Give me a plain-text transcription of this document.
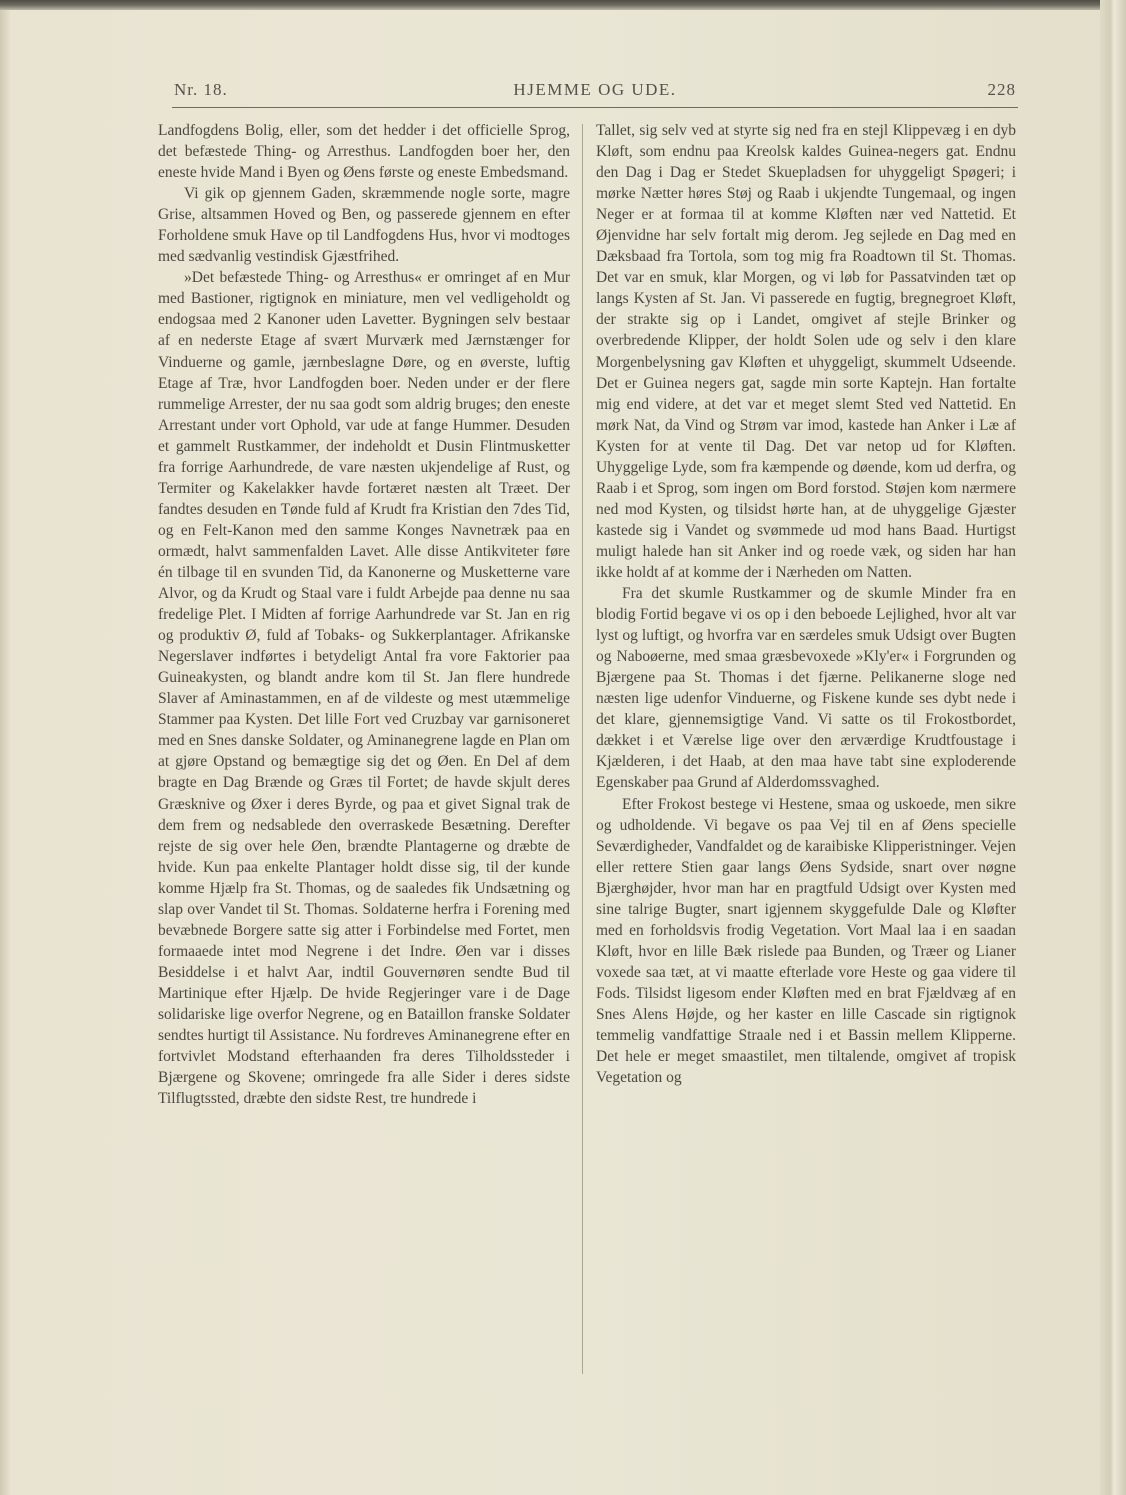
Nr. 18.	HJEMME OG UDE.	228

Landfogdens Bolig, eller, som det hedder i det officielle Sprog, det befæstede Thing- og Arresthus. Landfogden boer her, den eneste hvide Mand i Byen og Øens første og eneste Embedsmand.

Vi gik op gjennem Gaden, skræmmende nogle sorte, magre Grise, altsammen Hoved og Ben, og passerede gjennem en efter Forholdene smuk Have op til Landfogdens Hus, hvor vi modtoges med sædvanlig vestindisk Gjæstfrihed.

»Det befæstede Thing- og Arresthus« er omringet af en Mur med Bastioner, rigtignok en miniature, men vel vedligeholdt og endogsaa med 2 Kanoner uden Lavetter. Bygningen selv bestaar af en nederste Etage af svært Murværk med Jærnstænger for Vinduerne og gamle, jærnbeslagne Døre, og en øverste, luftig Etage af Træ, hvor Landfogden boer. Neden under er der flere rummelige Arrester, der nu saa godt som aldrig bruges; den eneste Arrestant under vort Ophold, var ude at fange Hummer. Desuden et gammelt Rustkammer, der indeholdt et Dusin Flintmusketter fra forrige Aarhundrede, de vare næsten ukjendelige af Rust, og Termiter og Kakelakker havde fortæret næsten alt Træet. Der fandtes desuden en Tønde fuld af Krudt fra Kristian den 7des Tid, og en Felt-Kanon med den samme Konges Navnetræk paa en ormædt, halvt sammenfalden Lavet. Alle disse Antikviteter føre én tilbage til en svunden Tid, da Kanonerne og Musketterne vare Alvor, og da Krudt og Staal vare i fuldt Arbejde paa denne nu saa fredelige Plet. I Midten af forrige Aarhundrede var St. Jan en rig og produktiv Ø, fuld af Tobaks- og Sukkerplantager. Afrikanske Negerslaver indførtes i betydeligt Antal fra vore Faktorier paa Guineakysten, og blandt andre kom til St. Jan flere hundrede Slaver af Aminastammen, en af de vildeste og mest utæmmelige Stammer paa Kysten. Det lille Fort ved Cruzbay var garnisoneret med en Snes danske Soldater, og Aminanegrene lagde en Plan om at gjøre Opstand og bemægtige sig det og Øen. En Del af dem bragte en Dag Brænde og Græs til Fortet; de havde skjult deres Græsknive og Øxer i deres Byrde, og paa et givet Signal trak de dem frem og nedsablede den overraskede Besætning. Derefter rejste de sig over hele Øen, brændte Plantagerne og dræbte de hvide. Kun paa enkelte Plantager holdt disse sig, til der kunde komme Hjælp fra St. Thomas, og de saaledes fik Undsætning og slap over Vandet til St. Thomas. Soldaterne herfra i Forening med bevæbnede Borgere satte sig atter i Forbindelse med Fortet, men formaaede intet mod Negrene i det Indre. Øen var i disses Besiddelse i et halvt Aar, indtil Gouvernøren sendte Bud til Martinique efter Hjælp. De hvide Regjeringer vare i de Dage solidariske lige overfor Negrene, og en Bataillon franske Soldater sendtes hurtigt til Assistance. Nu fordreves Aminanegrene efter en fortvivlet Modstand efterhaanden fra deres Tilholdssteder i Bjærgene og Skovene; omringede fra alle Sider i deres sidste Tilflugtssted, dræbte den sidste Rest, tre hundrede i

Tallet, sig selv ved at styrte sig ned fra en stejl Klippevæg i en dyb Kløft, som endnu paa Kreolsk kaldes Guinea-negers gat. Endnu den Dag i Dag er Stedet Skuepladsen for uhyggeligt Spøgeri; i mørke Nætter høres Støj og Raab i ukjendte Tungemaal, og ingen Neger er at formaa til at komme Kløften nær ved Nattetid. Et Øjenvidne har selv fortalt mig derom. Jeg sejlede en Dag med en Dæksbaad fra Tortola, som tog mig fra Roadtown til St. Thomas. Det var en smuk, klar Morgen, og vi løb for Passatvinden tæt op langs Kysten af St. Jan. Vi passerede en fugtig, bregnegroet Kløft, der strakte sig op i Landet, omgivet af stejle Brinker og overbredende Klipper, der holdt Solen ude og selv i den klare Morgenbelysning gav Kløften et uhyggeligt, skummelt Udseende. Det er Guinea negers gat, sagde min sorte Kaptejn. Han fortalte mig end videre, at det var et meget slemt Sted ved Nattetid. En mørk Nat, da Vind og Strøm var imod, kastede han Anker i Læ af Kysten for at vente til Dag. Det var netop ud for Kløften. Uhyggelige Lyde, som fra kæmpende og døende, kom ud derfra, og Raab i et Sprog, som ingen om Bord forstod. Støjen kom nærmere ned mod Kysten, og tilsidst hørte han, at de uhyggelige Gjæster kastede sig i Vandet og svømmede ud mod hans Baad. Hurtigst muligt halede han sit Anker ind og roede væk, og siden har han ikke holdt af at komme der i Nærheden om Natten.

Fra det skumle Rustkammer og de skumle Minder fra en blodig Fortid begave vi os op i den beboede Lejlighed, hvor alt var lyst og luftigt, og hvorfra var en særdeles smuk Udsigt over Bugten og Naboøerne, med smaa græsbevoxede »Kly'er« i Forgrunden og Bjærgene paa St. Thomas i det fjærne. Pelikanerne sloge ned næsten lige udenfor Vinduerne, og Fiskene kunde ses dybt nede i det klare, gjennemsigtige Vand. Vi satte os til Frokostbordet, dækket i et Værelse lige over den ærværdige Krudtfoustage i Kjælderen, i det Haab, at den maa have tabt sine exploderende Egenskaber paa Grund af Alderdomssvaghed.

Efter Frokost bestege vi Hestene, smaa og uskoede, men sikre og udholdende. Vi begave os paa Vej til en af Øens specielle Seværdigheder, Vandfaldet og de karaibiske Klipperistninger. Vejen eller rettere Stien gaar langs Øens Sydside, snart over nøgne Bjærghøjder, hvor man har en pragtfuld Udsigt over Kysten med sine talrige Bugter, snart igjennem skyggefulde Dale og Kløfter med en forholdsvis frodig Vegetation. Vort Maal laa i en saadan Kløft, hvor en lille Bæk rislede paa Bunden, og Træer og Lianer voxede saa tæt, at vi maatte efterlade vore Heste og gaa videre til Fods. Tilsidst ligesom ender Kløften med en brat Fjældvæg af en Snes Alens Højde, og her kaster en lille Cascade sin rigtignok temmelig vandfattige Straale ned i et Bassin mellem Klipperne. Det hele er meget smaastilet, men tiltalende, omgivet af tropisk Vegetation og
